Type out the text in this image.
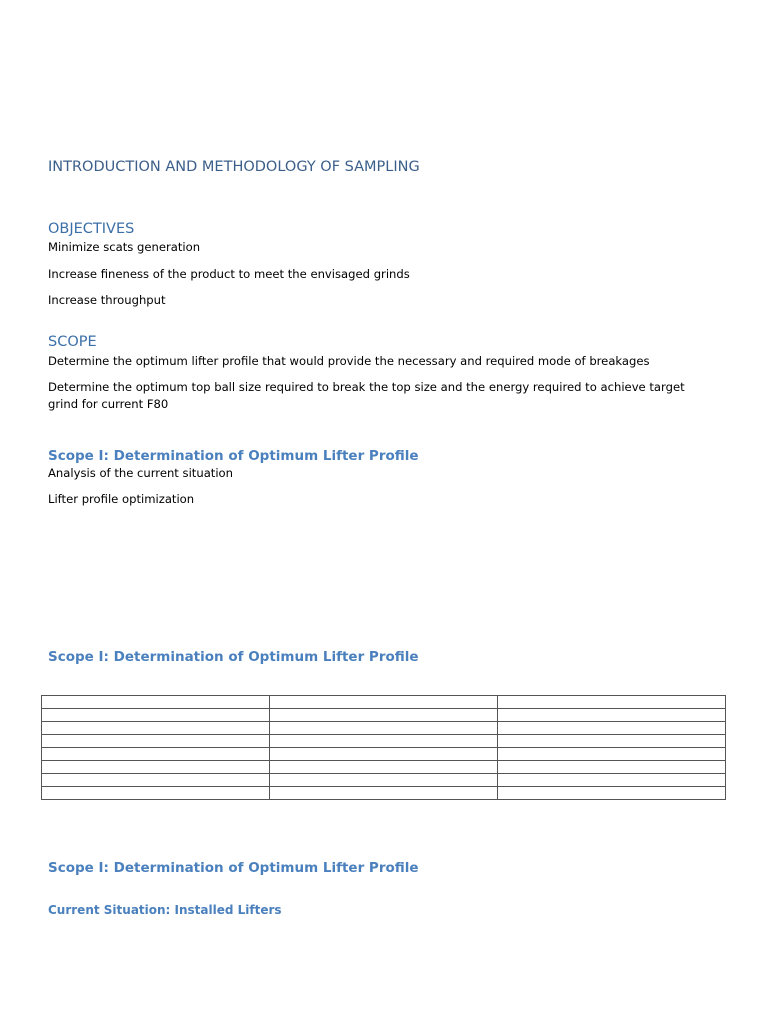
INTRODUCTION AND METHODOLOGY OF SAMPLING
OBJECTIVES

Minimize scats generation

Increase fineness of the product to meet the envisaged grinds

Increase throughput

SCOPE

Determine the optimum lifter profile that would provide the necessary and required mode of breakages

Determine the optimum top ball size required to break the top size and the energy required to achieve target grind for current F80

Scope I: Determination of Optimum Lifter Profile

Analysis of the current situation

Lifter profile optimization

Scope I: Determination of Optimum Lifter Profile

Scope I: Determination of Optimum Lifter Profile
Current Situation: Installed Lifters
